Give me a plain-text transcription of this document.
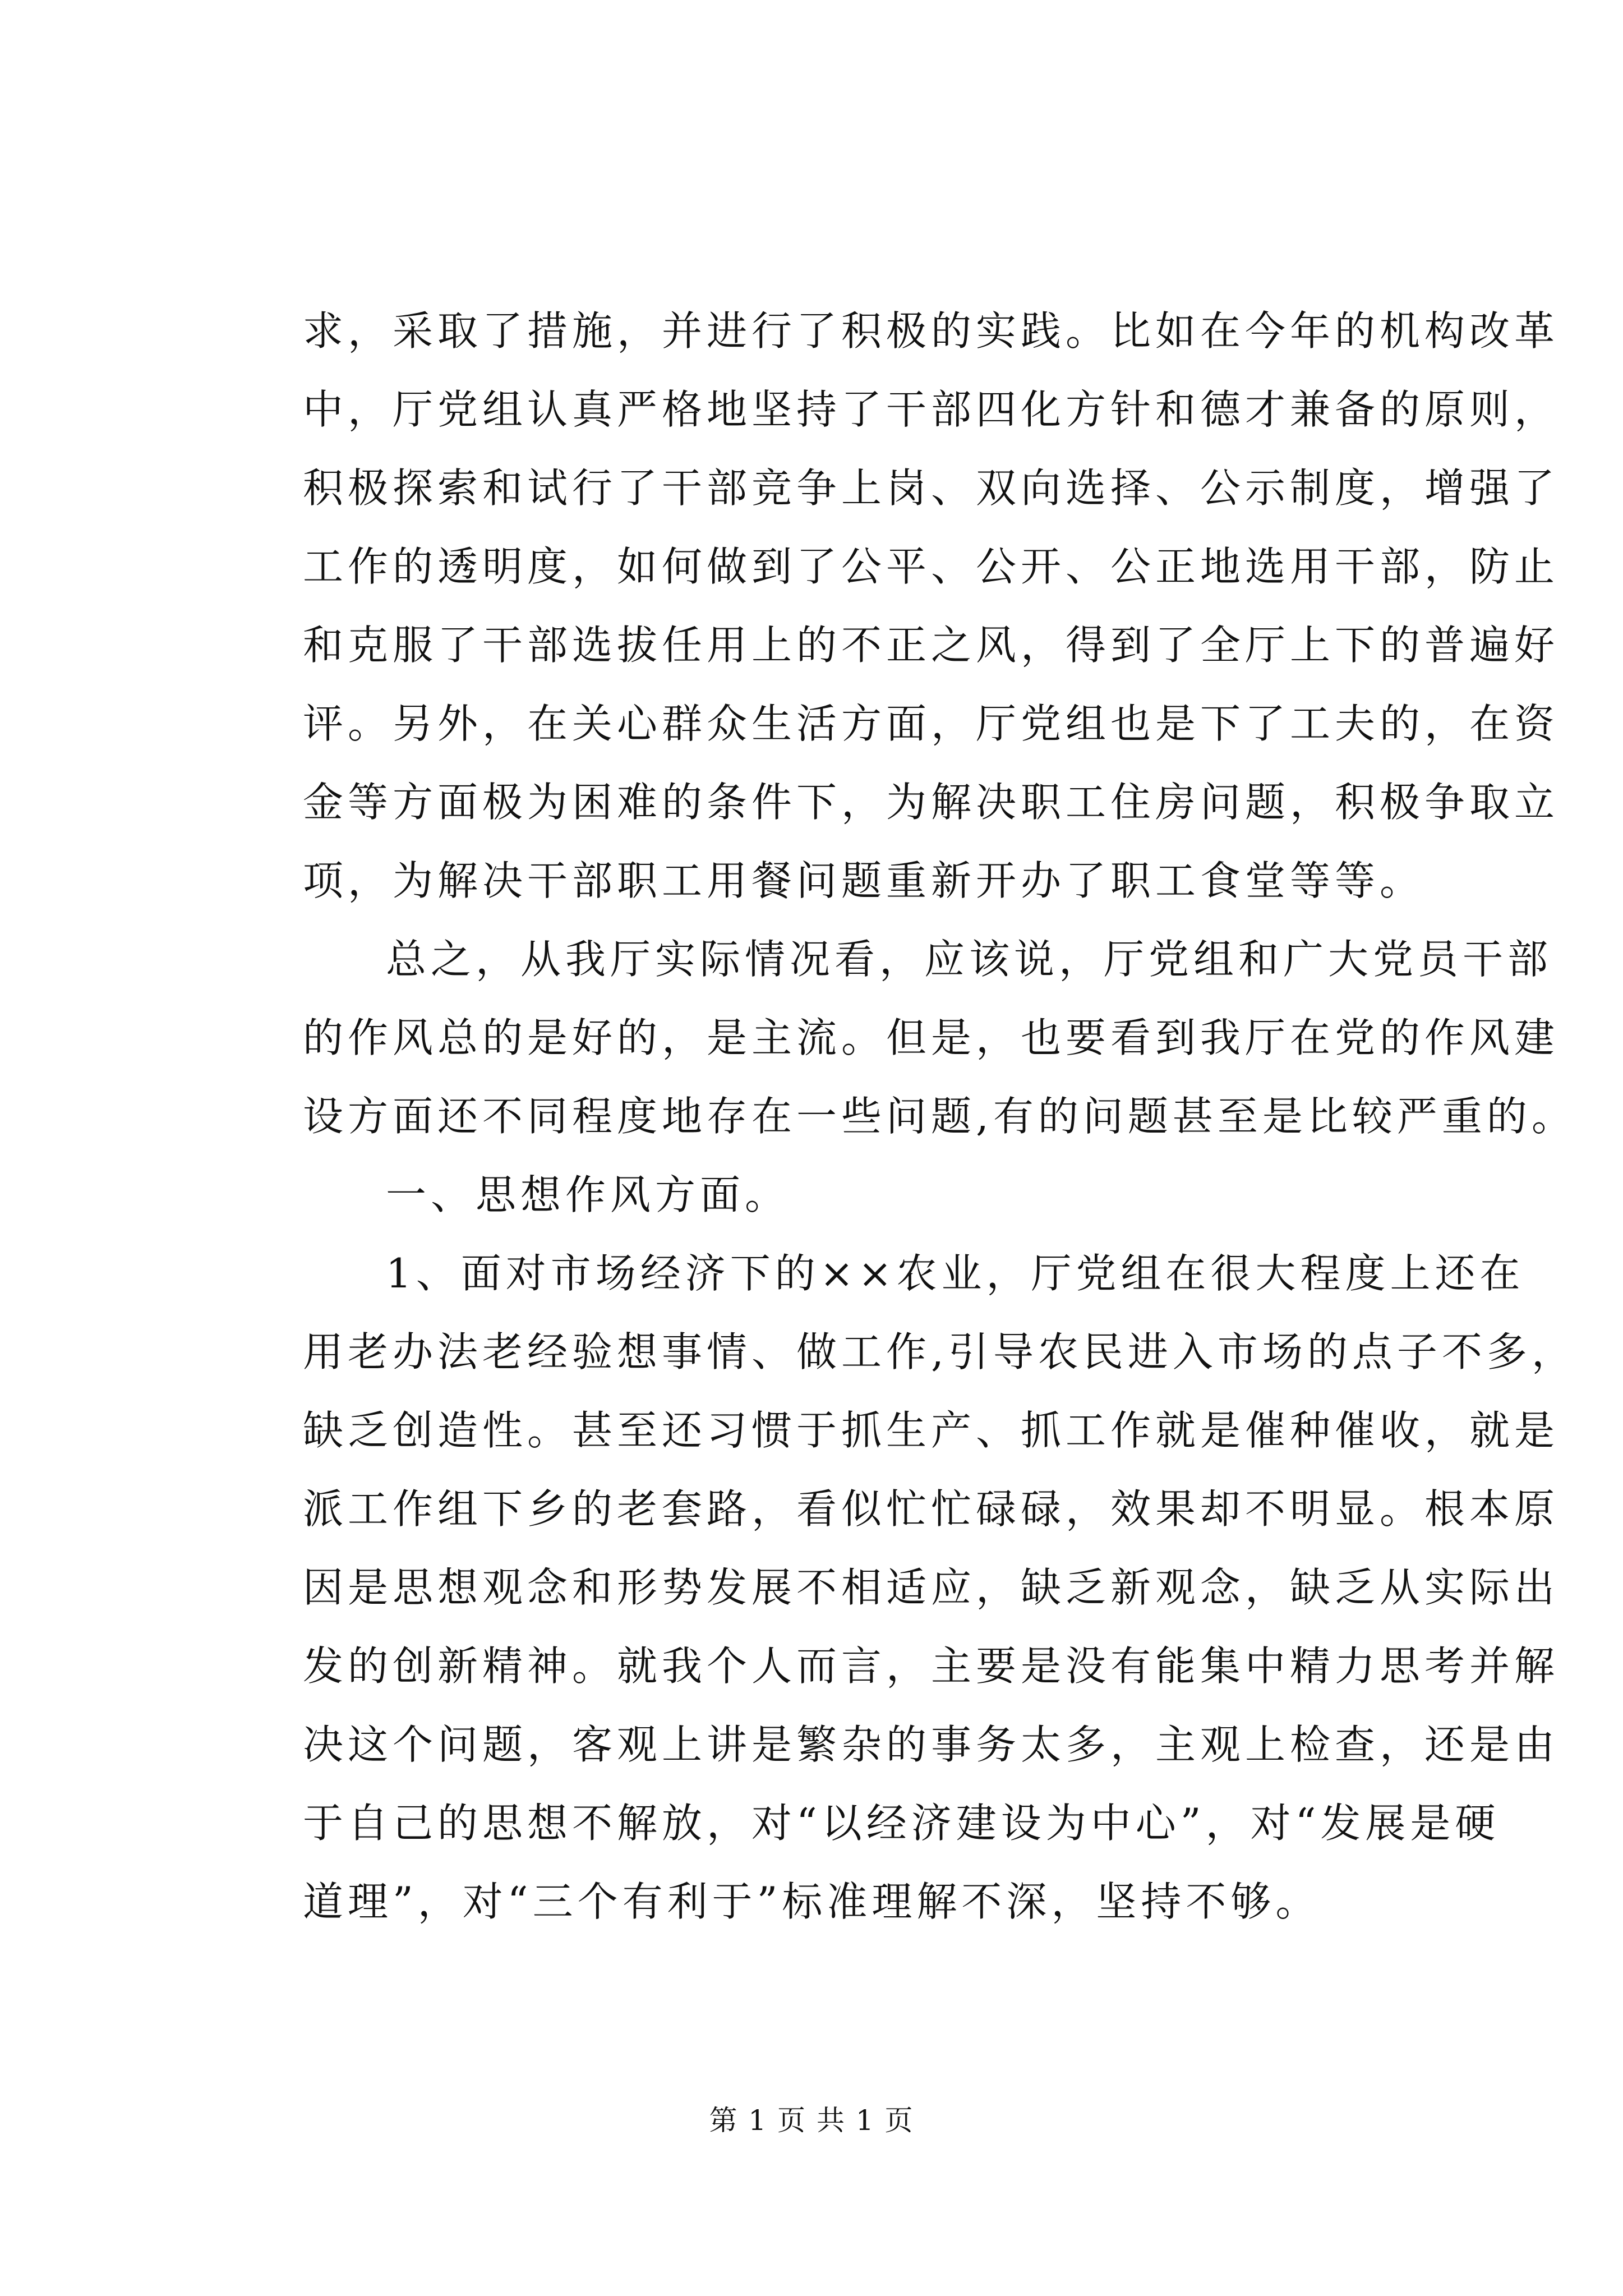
求，采取了措施，并进行了积极的实践。比如在今年的机构改革
中，厅党组认真严格地坚持了干部四化方针和德才兼备的原则，
积极探索和试行了干部竞争上岗、双向选择、公示制度，增强了
工作的透明度，如何做到了公平、公开、公正地选用干部，防止
和克服了干部选拔任用上的不正之风，得到了全厅上下的普遍好
评。另外，在关心群众生活方面，厅党组也是下了工夫的，在资
金等方面极为困难的条件下，为解决职工住房问题，积极争取立
项，为解决干部职工用餐问题重新开办了职工食堂等等。
总之，从我厅实际情况看，应该说，厅党组和广大党员干部
的作风总的是好的，是主流。但是，也要看到我厅在党的作风建
设方面还不同程度地存在一些问题,有的问题甚至是比较严重的。
一、思想作风方面。
1、面对市场经济下的××农业，厅党组在很大程度上还在
用老办法老经验想事情、做工作,引导农民进入市场的点子不多，
缺乏创造性。甚至还习惯于抓生产、抓工作就是催种催收，就是
派工作组下乡的老套路，看似忙忙碌碌，效果却不明显。根本原
因是思想观念和形势发展不相适应，缺乏新观念，缺乏从实际出
发的创新精神。就我个人而言，主要是没有能集中精力思考并解
决这个问题，客观上讲是繁杂的事务太多，主观上检查，还是由
于自己的思想不解放，对“以经济建设为中心”，对“发展是硬
道理”，对“三个有利于”标准理解不深，坚持不够。
第 1 页 共 1 页
